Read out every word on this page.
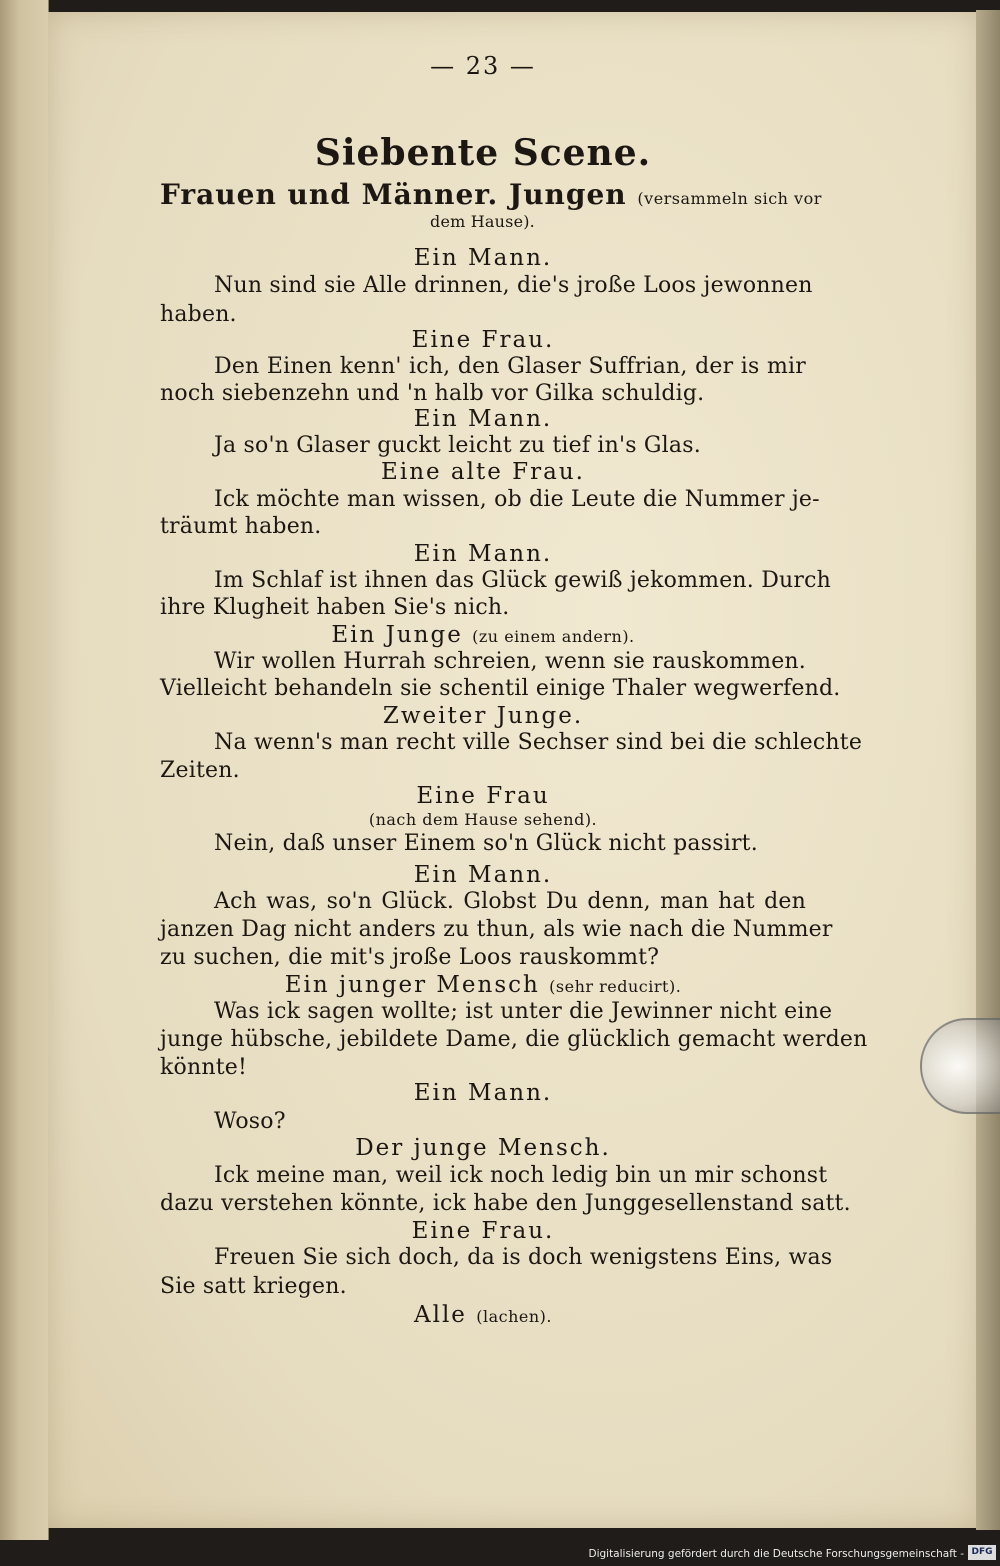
— 23 —
Siebente Scene.
Frauen und Männer. Jungen (versammeln sich vor
dem Hause).
Ein Mann.
Nun sind sie Alle drinnen, die's jroße Loos jewonnen
haben.
Eine Frau.
Den Einen kenn' ich, den Glaser Suffrian, der is mir
noch siebenzehn und 'n halb vor Gilka schuldig.
Ein Mann.
Ja so'n Glaser guckt leicht zu tief in's Glas.
Eine alte Frau.
Ick möchte man wissen, ob die Leute die Nummer je-
träumt haben.
Ein Mann.
Im Schlaf ist ihnen das Glück gewiß jekommen. Durch
ihre Klugheit haben Sie's nich.
Ein Junge (zu einem andern).
Wir wollen Hurrah schreien, wenn sie rauskommen.
Vielleicht behandeln sie schentil einige Thaler wegwerfend.
Zweiter Junge.
Na wenn's man recht ville Sechser sind bei die schlechte
Zeiten.
Eine Frau
(nach dem Hause sehend).
Nein, daß unser Einem so'n Glück nicht passirt.
Ein Mann.
Ach was, so'n Glück. Globst Du denn, man hat den
janzen Dag nicht anders zu thun, als wie nach die Nummer
zu suchen, die mit's jroße Loos rauskommt?
Ein junger Mensch (sehr reducirt).
Was ick sagen wollte; ist unter die Jewinner nicht eine
junge hübsche, jebildete Dame, die glücklich gemacht werden
könnte!
Ein Mann.
Woso?
Der junge Mensch.
Ick meine man, weil ick noch ledig bin un mir schonst
dazu verstehen könnte, ick habe den Junggesellenstand satt.
Eine Frau.
Freuen Sie sich doch, da is doch wenigstens Eins, was
Sie satt kriegen.
Alle (lachen).
Digitalisierung gefördert durch die Deutsche Forschungsgemeinschaft - DFG
